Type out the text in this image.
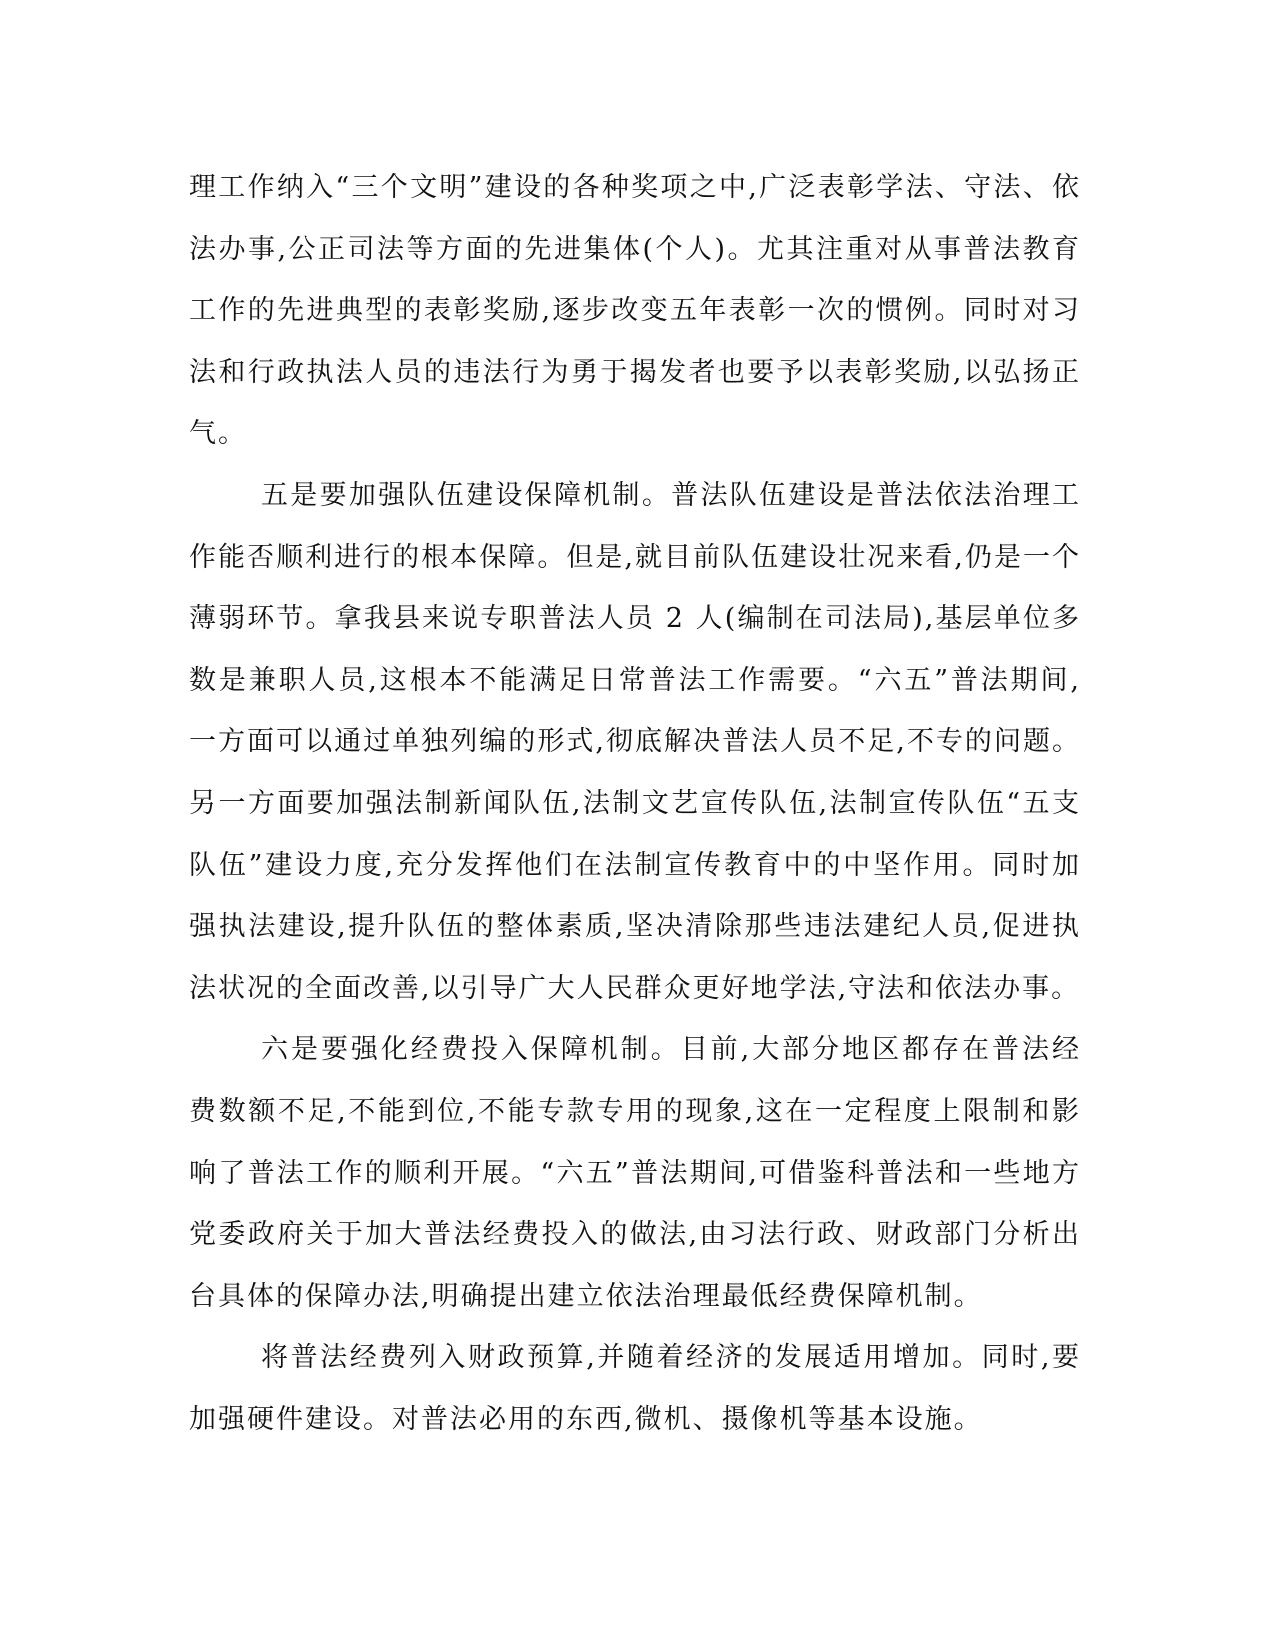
理工作纳入“三个文明”建设的各种奖项之中,广泛表彰学法、守法、依法办事,公正司法等方面的先进集体(个人)。尤其注重对从事普法教育工作的先进典型的表彰奖励,逐步改变五年表彰一次的惯例。同时对习法和行政执法人员的违法行为勇于揭发者也要予以表彰奖励,以弘扬正气。

五是要加强队伍建设保障机制。普法队伍建设是普法依法治理工作能否顺利进行的根本保障。但是,就目前队伍建设壮况来看,仍是一个薄弱环节。拿我县来说专职普法人员 2 人(编制在司法局),基层单位多数是兼职人员,这根本不能满足日常普法工作需要。“六五”普法期间,一方面可以通过单独列编的形式,彻底解决普法人员不足,不专的问题。另一方面要加强法制新闻队伍,法制文艺宣传队伍,法制宣传队伍“五支队伍”建设力度,充分发挥他们在法制宣传教育中的中坚作用。同时加强执法建设,提升队伍的整体素质,坚决清除那些违法建纪人员,促进执法状况的全面改善,以引导广大人民群众更好地学法,守法和依法办事。

六是要强化经费投入保障机制。目前,大部分地区都存在普法经费数额不足,不能到位,不能专款专用的现象,这在一定程度上限制和影响了普法工作的顺利开展。“六五”普法期间,可借鉴科普法和一些地方党委政府关于加大普法经费投入的做法,由习法行政、财政部门分析出台具体的保障办法,明确提出建立依法治理最低经费保障机制。

将普法经费列入财政预算,并随着经济的发展适用增加。同时,要加强硬件建设。对普法必用的东西,微机、摄像机等基本设施。
